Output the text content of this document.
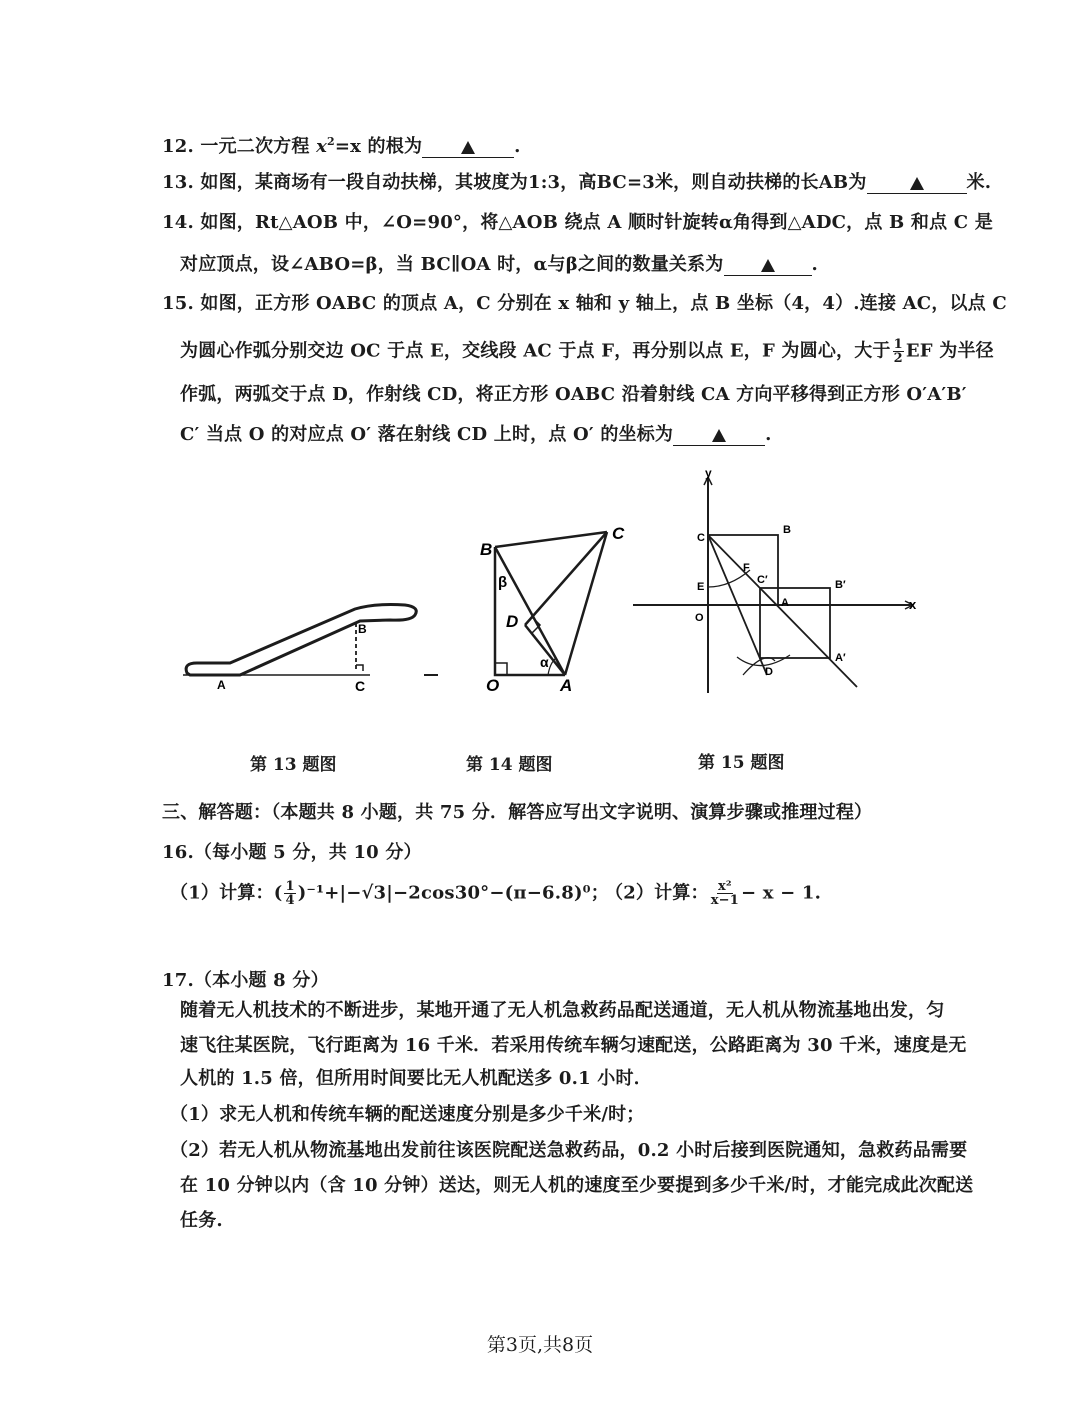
12. 一元二次方程 $x^2=x$ 的根为	.
13. 如图，某商场有一段自动扶梯，其坡度为1:3，高BC=3米，则自动扶梯的长AB为	米.
14. 如图，Rt△AOB 中，∠O=90°，将△AOB 绕点 A 顺时针旋转α角得到△ADC，点 B 和点 C 是
对应顶点，设∠ABO=β，当 BC∥OA 时，α与β之间的数量关系为	.
15. 如图，正方形 OABC 的顶点 A，C 分别在 x 轴和 y 轴上，点 B 坐标（4，4）.连接 AC，以点 C
为圆心作弧分别交边 OC 于点 E，交线段 AC 于点 F，再分别以点 E，F 为圆心，大于 $\frac{1}{2}$ EF 为半径
作弧，两弧交于点 D，作射线 CD，将正方形 OABC 沿着射线 CA 方向平移得到正方形 O′A′B′
C′ 当点 O 的对应点 O′ 落在射线 CD 上时，点 O′ 的坐标为	.
B
A	C
B
C
D
O	A
β
α
y
x
C
B
E
F
C′	B′
O
A
A′
D
第 13 题图	第 14 题图	第 15 题图
三、解答题：（本题共 8 小题，共 75 分．解答应写出文字说明、演算步骤或推理过程）
16.（每小题 5 分，共 10 分）
（1）计算：( $\frac{1}{4} )^{-1}+|-√3|-2\cos 30^\circ-(\pi-6.8)^0$；
（2）计算： $\frac{\text{x²}}{x-1} - x - 1$.
17.（本小题 8 分）
随着无人机技术的不断进步，某地开通了无人机急救药品配送通道，无人机从物流基地出发，匀
速飞往某医院，飞行距离为 16 千米．若采用传统车辆匀速配送，公路距离为 30 千米，速度是无
人机的 1.5 倍，但所用时间要比无人机配送多 0.1 小时．
（1）求无人机和传统车辆的配送速度分别是多少千米/时；
（2）若无人机从物流基地出发前往该医院配送急救药品，0.2 小时后接到医院通知，急救药品需要
在 10 分钟以内（含 10 分钟）送达，则无人机的速度至少要提到多少千米/时，才能完成此次配送
任务.
第3页,共8页
